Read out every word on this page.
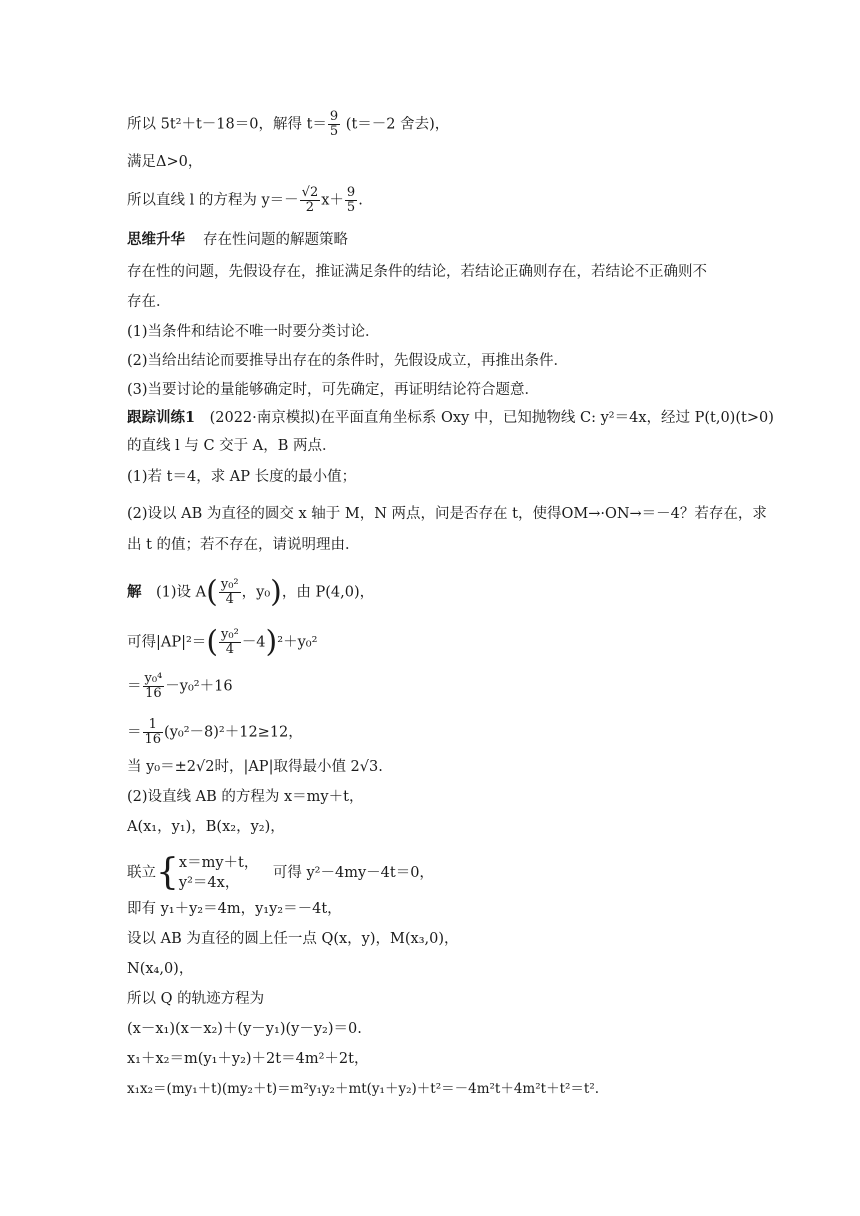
所以 5t²＋t－18＝0，解得 $t= \frac{9}{5} (t=-2$ 舍去)，
满足Δ>0，
所以直线 l 的方程为 $y=- \frac{√2}{2} x+ \frac{9}{5}$ .
思维升华 存在性问题的解题策略
存在性的问题，先假设存在，推证满足条件的结论，若结论正确则存在，若结论不正确则不
存在．
(1)当条件和结论不唯一时要分类讨论．
(2)当给出结论而要推导出存在的条件时，先假设成立，再推出条件．
(3)当要讨论的量能够确定时，可先确定，再证明结论符合题意．
跟踪训练1　(2022·南京模拟)在平面直角坐标系 Oxy 中，已知抛物线 C: y²＝4x，经过 P(t,0)(t>0)
的直线 l 与 C 交于 A，B 两点．
(1)若 t＝4，求 AP 长度的最小值；
(2)设以 AB 为直径的圆交 x 轴于 M，N 两点，问是否存在 t，使得OM→·ON→＝－4？若存在，求
出 t 的值；若不存在，请说明理由．
解　(1)设 $A( \frac{\text{y₀²}}{4}$ ，y₀)，由 P(4,0)，
可得$|AP|^2=( \frac{\text{y₀²}}{4} -4)^2+y_0^2$
＝ $\frac{\text{y₀⁴}}{16} -y_0^2+16$
＝ $\frac{1}{16} (y_0^2-8)^2+12\ge 12$，
当 y₀＝±2√2时，|AP|取得最小值 2√3.
(2)设直线 AB 的方程为 x＝my＋t，
A(x₁，y₁)，B(x₂，y₂)，
联立{ x＝my＋t，
y²＝4x，
　可得 y²－4my－4t＝0，
即有 y₁＋y₂＝4m，y₁y₂＝－4t，
设以 AB 为直径的圆上任一点 Q(x，y)，M(x₃,0)，
N(x₄,0)，
所以 Q 的轨迹方程为
(x－x₁)(x－x₂)＋(y－y₁)(y－y₂)＝0.
x₁＋x₂＝m(y₁＋y₂)＋2t＝4m²＋2t，
x₁x₂＝(my₁＋t)(my₂＋t)＝m²y₁y₂＋mt(y₁＋y₂)＋t²＝－4m²t＋4m²t＋t²＝t².
